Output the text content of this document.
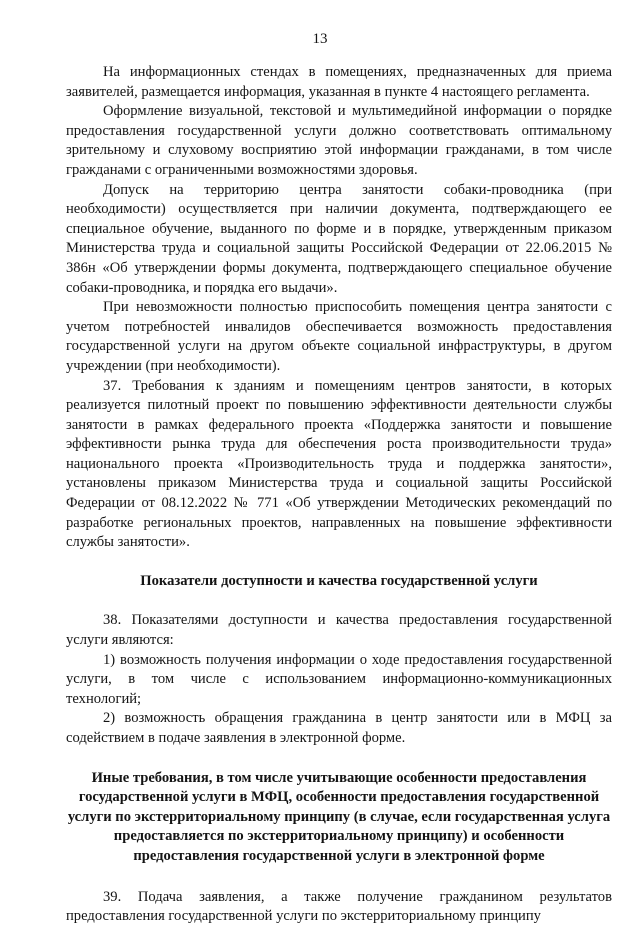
13

На информационных стендах в помещениях, предназначенных для приема заявителей, размещается информация, указанная в пункте 4 настоящего регламента.

Оформление визуальной, текстовой и мультимедийной информации о порядке предоставления государственной услуги должно соответствовать оптимальному зрительному и слуховому восприятию этой информации гражданами, в том числе гражданами с ограниченными возможностями здоровья.

Допуск на территорию центра занятости собаки-проводника (при необходимости) осуществляется при наличии документа, подтверждающего ее специальное обучение, выданного по форме и в порядке, утвержденным приказом Министерства труда и социальной защиты Российской Федерации от 22.06.2015 № 386н «Об утверждении формы документа, подтверждающего специальное обучение собаки-проводника, и порядка его выдачи».

При невозможности полностью приспособить помещения центра занятости с учетом потребностей инвалидов обеспечивается возможность предоставления государственной услуги на другом объекте социальной инфраструктуры, в другом учреждении (при необходимости).

37. Требования к зданиям и помещениям центров занятости, в которых реализуется пилотный проект по повышению эффективности деятельности службы занятости в рамках федерального проекта «Поддержка занятости и повышение эффективности рынка труда для обеспечения роста производительности труда» национального проекта «Производительность труда и поддержка занятости», установлены приказом Министерства труда и социальной защиты Российской Федерации от 08.12.2022 № 771 «Об утверждении Методических рекомендаций по разработке региональных проектов, направленных на повышение эффективности службы занятости».

Показатели доступности и качества государственной услуги

38. Показателями доступности и качества предоставления государственной услуги являются:

1) возможность получения информации о ходе предоставления государственной услуги, в том числе с использованием информационно-коммуникационных технологий;

2) возможность обращения гражданина в центр занятости или в МФЦ за содействием в подаче заявления в электронной форме.

Иные требования, в том числе учитывающие особенности предоставления государственной услуги в МФЦ, особенности предоставления государственной услуги по экстерриториальному принципу (в случае, если государственная услуга предоставляется по экстерриториальному принципу) и особенности предоставления государственной услуги в электронной форме

39. Подача заявления, а также получение гражданином результатов предоставления государственной услуги по экстерриториальному принципу
